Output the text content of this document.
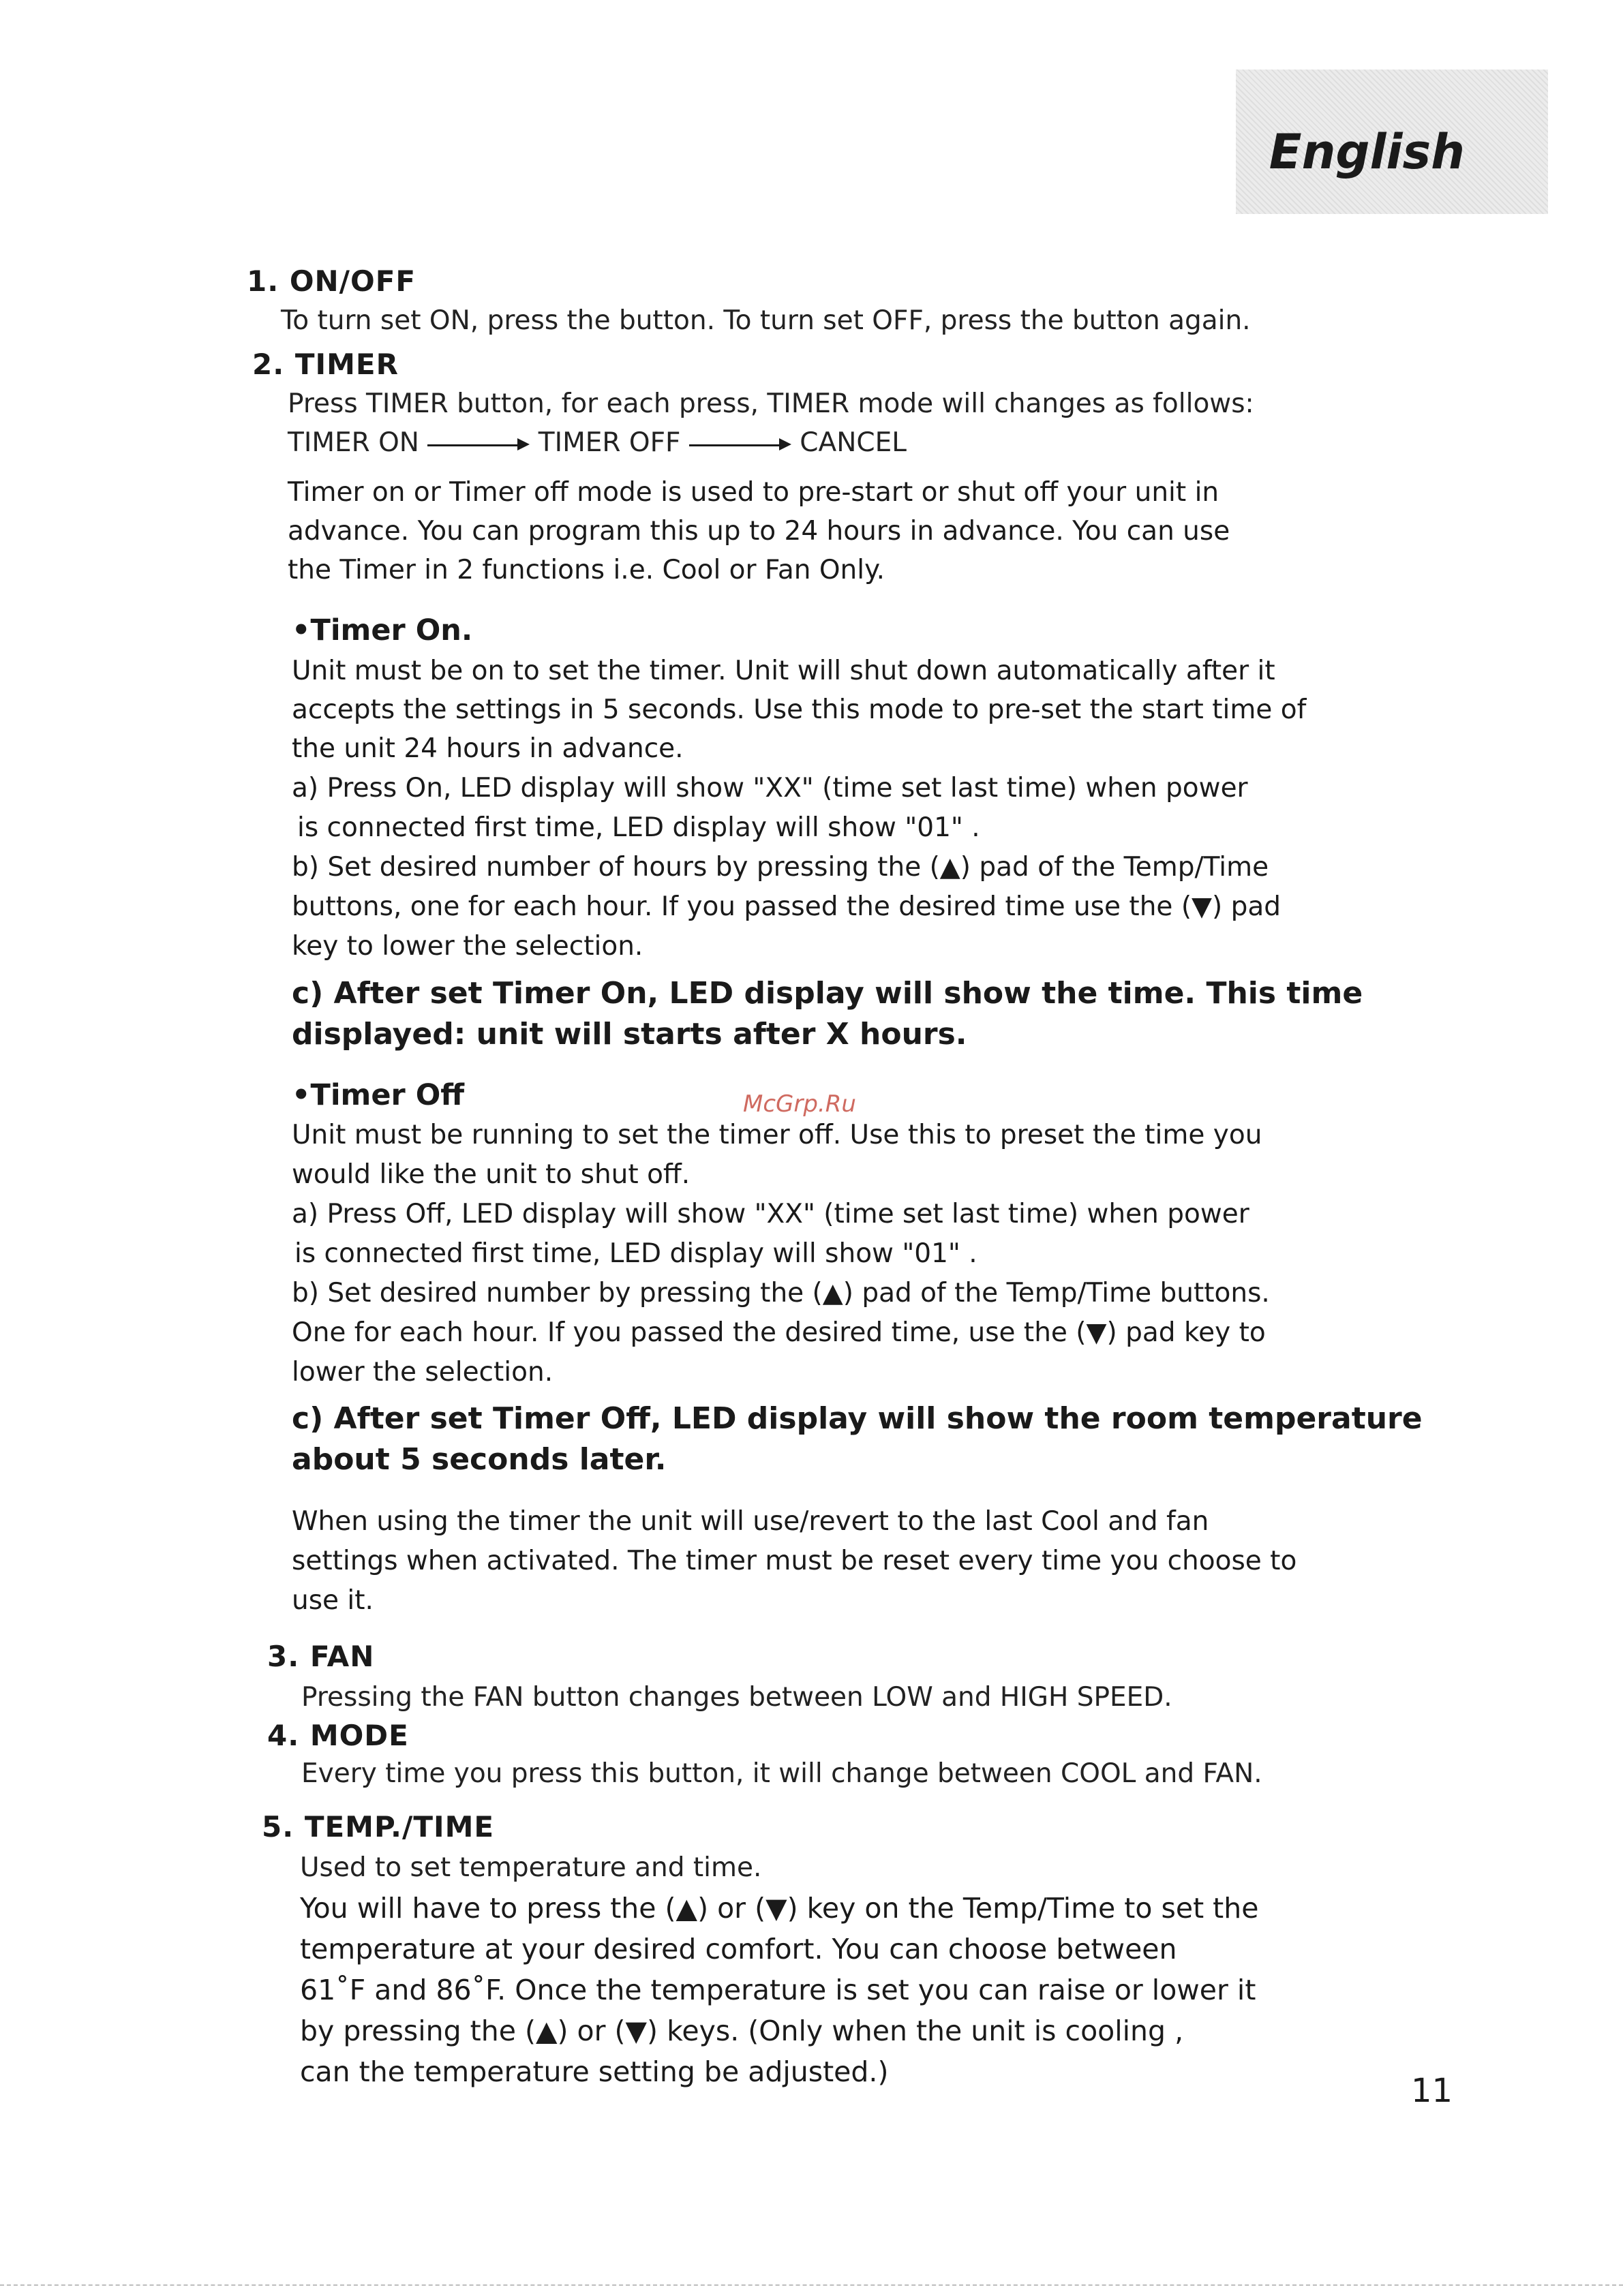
English
1. ON/OFF
To turn set ON, press the button. To turn set OFF, press the button again.
2. TIMER
Press TIMER button, for each press, TIMER mode will changes as follows:
TIMER ON	TIMER OFF	CANCEL
Timer on or Timer off mode is used to pre-start or shut off your unit in
advance. You can program this up to 24 hours in advance. You can use
the Timer in 2 functions i.e. Cool or Fan Only.
•Timer On.
Unit must be on to set the timer. Unit will shut down automatically after it
accepts the settings in 5 seconds. Use this mode to pre-set the start time of
the unit 24 hours in advance.
a) Press On, LED display will show "XX" (time set last time) when power
is connected first time, LED display will show "01" .
b) Set desired number of hours by pressing the (▲) pad of the Temp/Time
buttons, one for each hour. If you passed the desired time use the (▼) pad
key to lower the selection.
c) After set Timer On, LED display will show the time. This time
displayed: unit will starts after X hours.
•Timer Off
Unit must be running to set the timer off. Use this to preset the time you
would like the unit to shut off.
a) Press Off, LED display will show "XX" (time set last time) when power
is connected first time, LED display will show "01" .
b) Set desired number by pressing the (▲) pad of the Temp/Time buttons.
One for each hour. If you passed the desired time, use the (▼) pad key to
lower the selection.
c) After set Timer Off, LED display will show the room temperature
about 5 seconds later.
When using the timer the unit will use/revert to the last Cool and fan
settings when activated. The timer must be reset every time you choose to
use it.
3. FAN
Pressing the FAN button changes between LOW and HIGH SPEED.
4. MODE
Every time you press this button, it will change between COOL and FAN.
5. TEMP./TIME
Used to set temperature and time.
You will have to press the (▲) or (▼) key on the Temp/Time to set the
temperature at your desired comfort. You can choose between
61˚F and 86˚F. Once the temperature is set you can raise or lower it
by pressing the (▲) or (▼) keys. (Only when the unit is cooling ,
can the temperature setting be adjusted.)
McGrp.Ru
11
